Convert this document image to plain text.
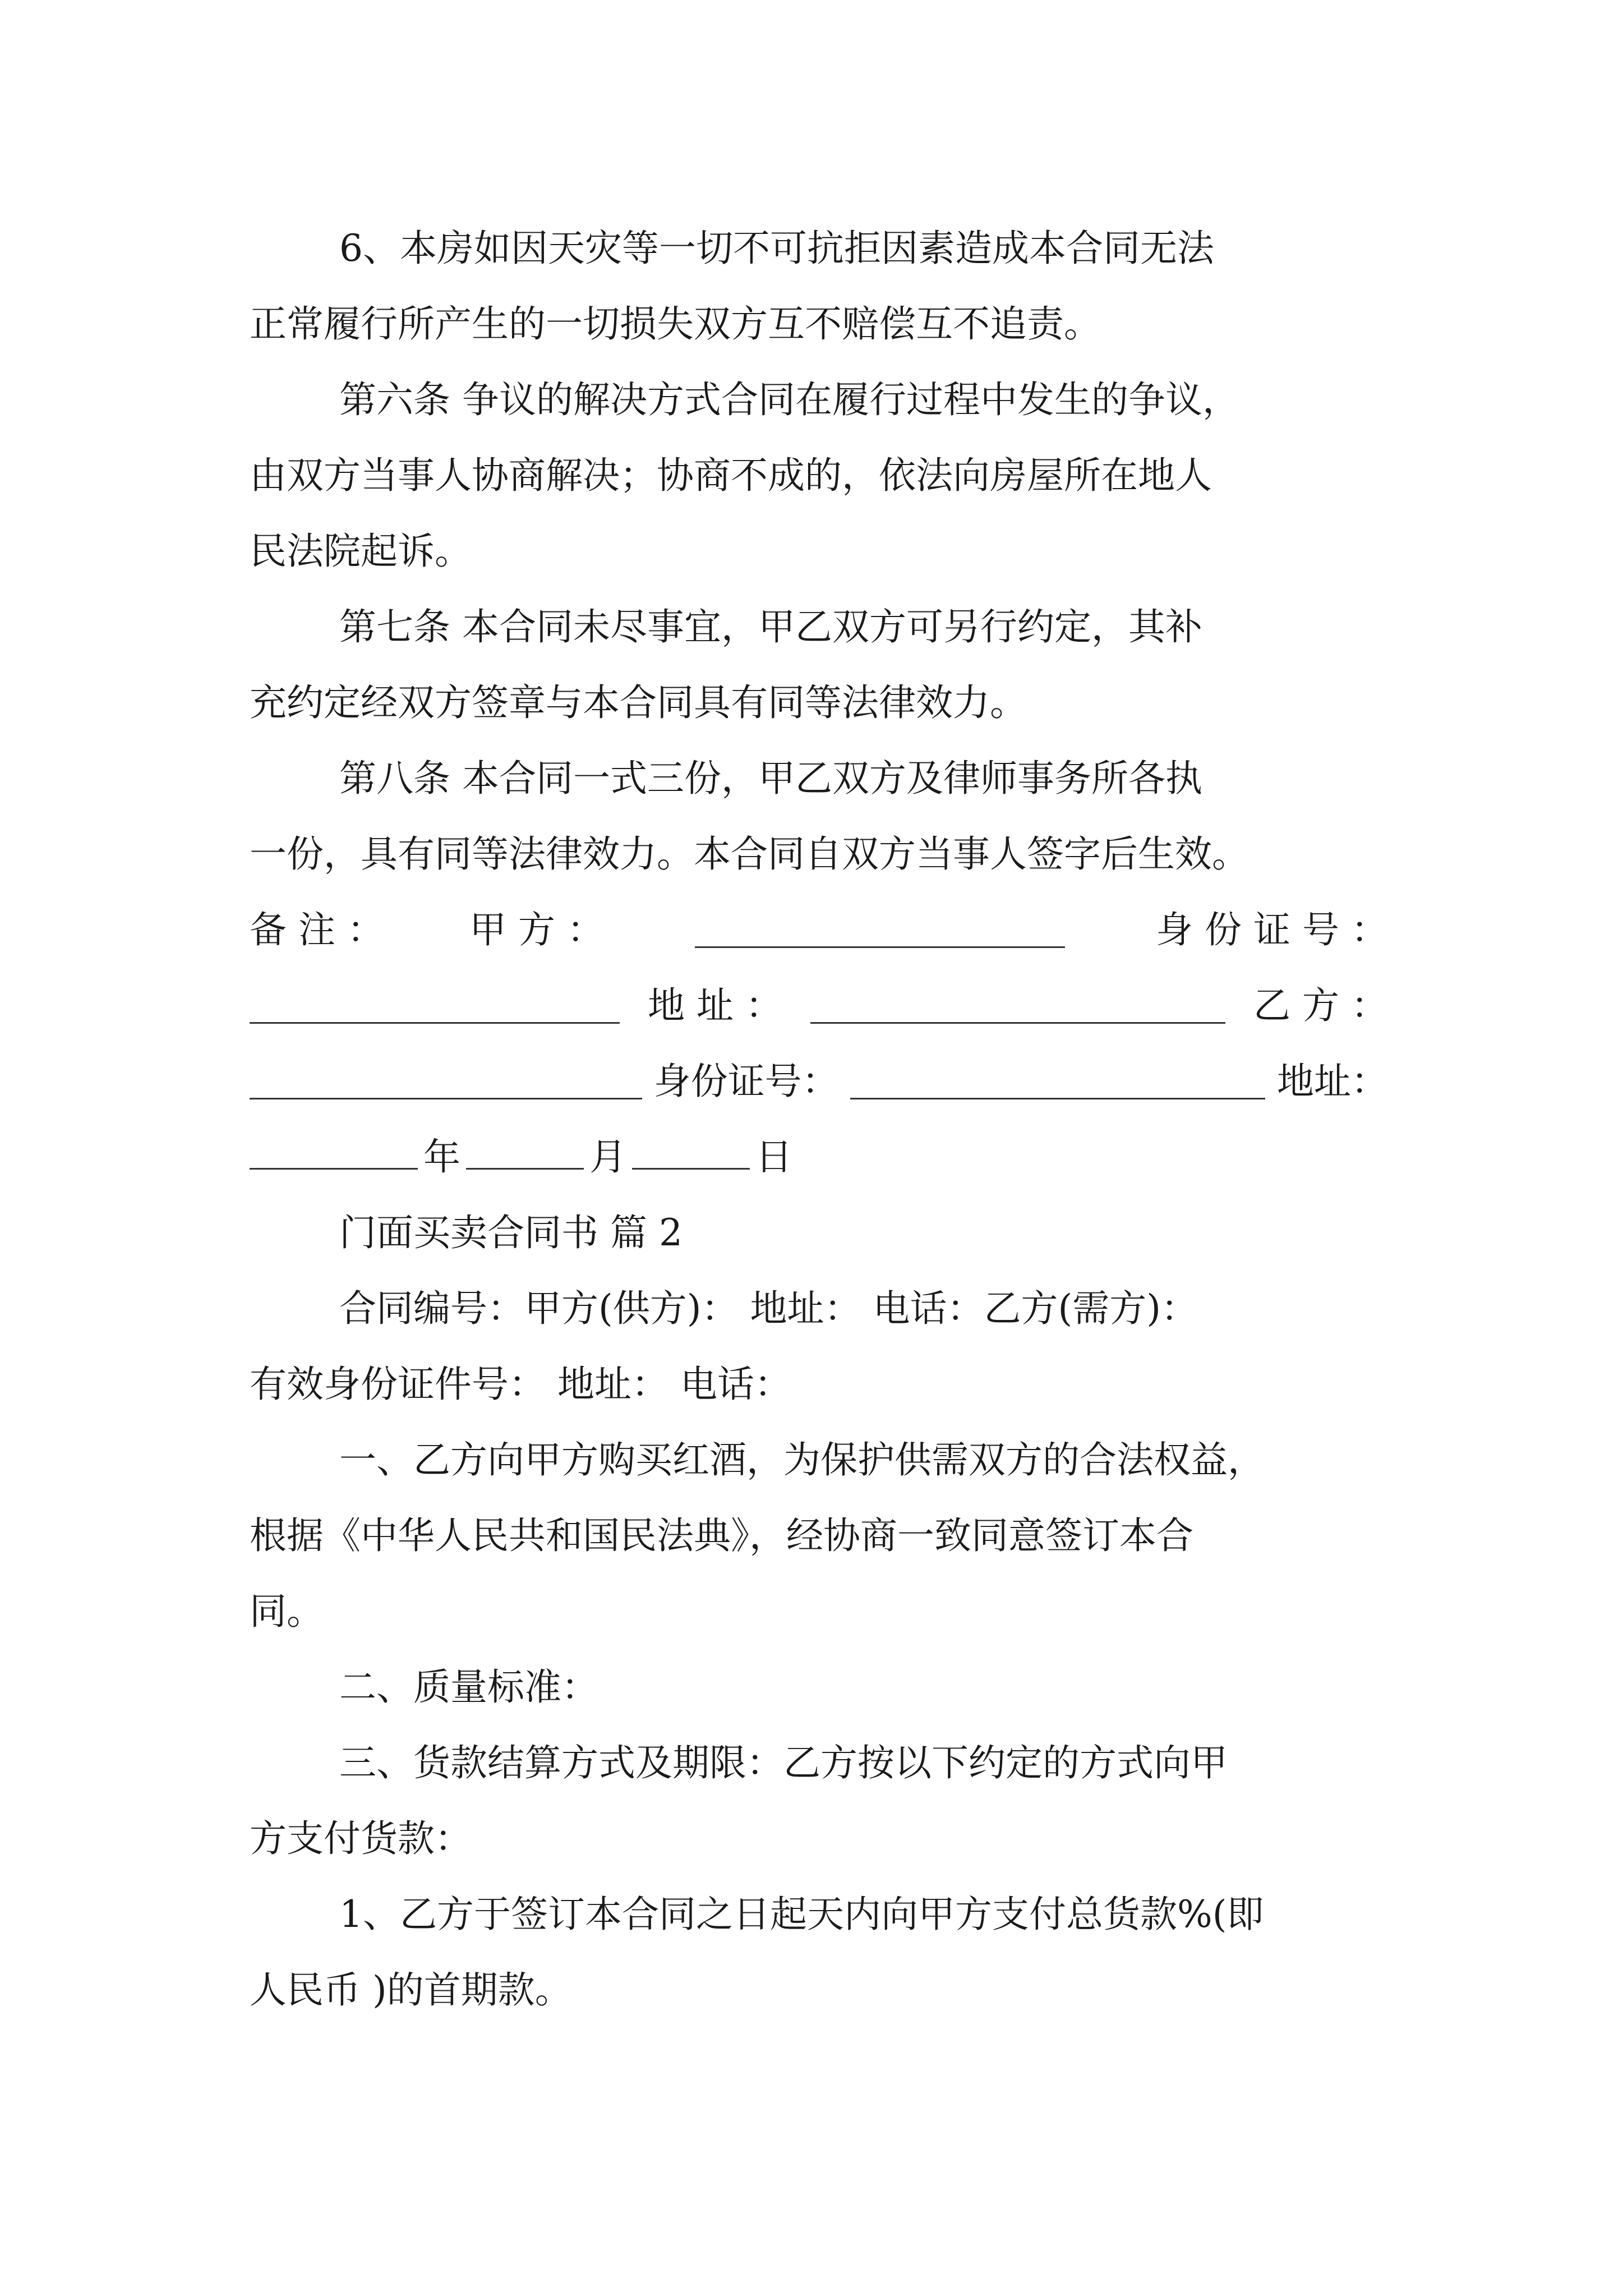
6、本房如因天灾等一切不可抗拒因素造成本合同无法
正常履行所产生的一切损失双方互不赔偿互不追责。
第六条 争议的解决方式合同在履行过程中发生的争议，
由双方当事人协商解决；协商不成的，依法向房屋所在地人
民法院起诉。
第七条 本合同未尽事宜，甲乙双方可另行约定，其补
充约定经双方签章与本合同具有同等法律效力。
第八条 本合同一式三份，甲乙双方及律师事务所各执
一份，具有同等法律效力。本合同自双方当事人签字后生效。
备 注 ： 甲 方 ：	身 份 证 号 ：
地 址 ：	乙 方 ：
身份证号：	地址：
年	月	日
门面买卖合同书 篇 2
合同编号：甲方(供方)： 地址： 电话：乙方(需方)：
有效身份证件号： 地址： 电话：
一、乙方向甲方购买红酒，为保护供需双方的合法权益，
根据《中华人民共和国民法典》，经协商一致同意签订本合
同。
二、质量标准：
三、货款结算方式及期限：乙方按以下约定的方式向甲
方支付货款：
1、乙方于签订本合同之日起天内向甲方支付总货款%(即
人民币 )的首期款。
